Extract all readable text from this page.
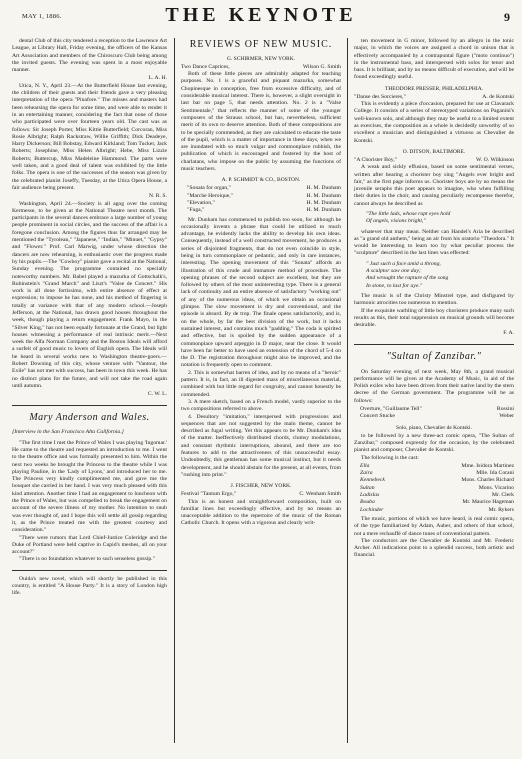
MAY 1, 1886.	THE KEYNOTE	9

dental Club of this city tendered a reception to the Lawrence Art League, at Library Hall, Friday evening, the officers of the Kansas Art Association and members of the Chiroscuro Club being among the invited guests. The evening was spent in a most enjoyable manner.

L. A. H.

Utica, N. Y., April 23.—At the Butterfield House last evening, the children of their guests and their friends gave a very pleasing interpretation of the opera "Pinafore." The misses and masters had been rehearsing the opera for some time, and were able to render it in an entertaining manner, considering the fact that none of those who participated were over fourteen years old. The cast was as follows: Sir Joseph Porter, Miss Kittie Butterfield; Corcoran, Miss Rosie Albright; Ralph Rackstraw, Willie Griffith; Dick Deadeye, Harry Dickerson; Bill Bobstay, Edward Kirkland; Tom Tucker, Jack Roberts; Josephine, Miss Helen Albright; Hebe, Miss Lizzie Roberts; Buttercup, Miss Madeleine Hammond. The parts were well taken, and a good deal of talent was exhibited by the little folks. The opera is one of the successes of the season was given by the celebrated pianist Joseffy, Tuesday, at the Utica Opera House, a fair audience being present.

N. R. S.

Washington, April 24.—Society is all agog over the coming Kermesse, to be given at the National Theatre next month. The participants in the several dances embrace a large number of young people prominent in social circles, and the success of the affair is a foregone conclusion. Among the figures thus far arranged may be mentioned the "Tyrolean," "Japanese," "Indian," "Minuet," "Gypsy" and "Flower." Prof. Carl Marwig, under whose direction the dancers are now rehearsing, is enthusiastic over the progress made by his pupils.—The "Cowboy" pianist gave a recital at the National, Sunday evening. The programme contained no specially noteworthy numbers. Mr. Babel played a mazurka of Gottschalk's, Rubinstein's "Grand March" and Liszt's "Valse de Concert." His work is all done fortissimo, with entire absence of effect at expression; to impose he has none, and his method of fingering is totally at variance with that of any modern school.—Joseph Jefferson, at the National, has drawn good houses throughout the week, though playing a return engagement. Frank Mayo, in the "Silver King," has not been equally fortunate at the Grand, but light houses witnessing a performance of real intrinsic merit.—Next week the Alfa Norman Company and the Boston Ideals will afford a surfeit of good music to lovers of English opera. The Ideals will be heard in several works new to Washington theatre-goers.—Robert Downing of this city, whose venture with "Vantour, the Exile" has not met with success, has been in town this week. He has no distinct plans for the future, and will not take the road again until autumn.

C. W. L.
Mary Anderson and Wales.

[Interview in the San Francisco Alta California.]

"The first time I met the Prince of Wales I was playing 'Ingomar.' He came to the theatre and requested an introduction to me. I went to the theatre office and was formally presented to him. Within the next two weeks he brought the Princess to the theatre while I was playing Pauline, in the 'Lady of Lyons,' and introduced her to me. The Princess very kindly complimented me, and gave me the bouquet she carried in her hand. I was very much pleased with this kind attention. Another time I had an engagement to luncheon with the Prince of Wales, but was compelled to break the engagement on account of the severe illness of my mother. No intention to snub was ever thought of, and I hope this will settle all gossip regarding it, as the Prince treated me with the greatest courtesy and consideration."

"There were rumors that Lord Chief-Justice Coleridge and the Duke of Portland were held captive in Cupid's meshes, all on your account?"

"There is no foundation whatever to such senseless gossip."

Ouida's new novel, which will shortly be published in this country, is entitled "A House Party." It is a story of London high life.

REVIEWS OF NEW MUSIC.
G. SCHIRMER, NEW YORK.
Two Dance Caprices,	Wilson G. Smith

Both of these little pieces are admirably adapted for teaching purposes. No. 1 is a graceful and piquant mazurka, somewhat Chopinesque in conception, free from excessive difficulty, and of considerable musical interest. There is, however, a slight oversight in last bar on page 5, that needs attention. No. 2 is a "Valse Sentimentale," that reflects the manner of some of the younger composers of the Strauss school, but has, nevertheless, sufficient merit of its own to deserve attention. Both of these compositions are to be specially commended, as they are calculated to educate the taste of the pupil, which is a matter of importance in these days, when we are inundated with so much vulgar and commonplace rubbish, the publication of which is encouraged and fostered by the host of charlatans, who impose on the public by assuming the functions of music teachers.

A. P. SCHMIDT & CO., BOSTON.
"Sonata for organ,"	H. M. Dunham
"Marche Heroique,"	H. M. Dunham
"Elevation,"	H. M. Dunham
"Fuga,"	H. M. Dunham

Mr. Dunham has commenced to publish too soon, for although he occasionally invents a phrase that could be utilized to much advantage, he evidently lacks the ability to develop his own ideas. Consequently, instead of a well constructed movement, he produces a series of disjointed fragments, that do not even coincide in style, being in turn commonplace or pedantic, and only in rare instances, interesting. The opening movement of this "Sonata" affords an illustration of this crude and immature method of procedure. The opening phrases of the second subject are excellent, but they are followed by others of the most uninteresting type. There is a general lack of continuity and an entire absence of satisfactory "working out" of any of the numerous ideas, of which we obtain an occasional glimpse. The slow movement is dry and conventional, and the episode is absurd. By de trop. The finale opens satisfactorily, and is, on the whole, by far the best division of the work, but it lacks sustained interest, and contains much "padding." The coda is spirited and effective, but is spoiled by the sudden appearance of a commonplace upward arpeggio in D major, near the close. It would have been far better to have used an extension of the chord of 5-4 on the D. The registration throughout might also be improved, and the notation is frequently open to comment.

2. This is somewhat barren of idea, and by no means of a "heroic" pattern. It is, in fact, an ill digested mass of miscellaneous material, combined with but little regard for congruity, and cannot honestly be commended.

3. A mere sketch, based on a French model, vastly superior to the two compositions referred to above.

4. Desultory "imitation," interspersed with progressions and sequences that are not suggested by the main theme, cannot be described as fugal writing. Yet this appears to be Mr. Dunham's idea of the matter. Ineffectively distributed chords, clumsy modulations, and constant rhythmic interruptions, abound, and there are too features to add to the attractiveness of this unsuccessful essay. Undoubtedly, this gentleman has some musical instinct, but it needs development, and he should abstain for the present, at all events, from "rushing into print."

J. FISCHER, NEW YORK.
Festival "Tantum Ergo,"	C. Wenham Smith

This is an honest and straightforward composition, built on familiar lines but exceedingly effective, and by no means an unacceptable addition to the repertoire of the music of the Roman Catholic Church. It opens with a vigorous and clearly writ-

ten movement in G minor, followed by an allegro in the tonic major, in which the voices are assigned a chord in unison that is effectively accompanied by a contrapuntal figure ("moto continuo") in the instrumental bass, and interspersed with solos for tenor and bass. It is brilliant, and by no means difficult of execution, and will be found exceedingly useful.

THEODORE PRESSER, PHILADELPHIA.
"Danse des Sorcieres,"	A. de Kontski

This is evidently a pièce d'occasion, prepared for use at Clavarack College. It consists of a series of stereotyped variations on Paganini's well-known solo, and although they may be useful to a limited extent as exercises, the composition as a whole is decidedly unworthy of so excellent a musician and distinguished a virtuoso as Chevalier de Kontski.

O. DITSON, BALTIMORE.
"A Chorister Boy,"	W. O. Wilkinson

A weak and sickly effusion, based on some sentimental verses, written after hearing a chorister boy sing "Angels ever bright and fair," as the first page informs us. Chorister boys are by no means the juvenile seraphs this poet appears to imagine, who when fulfilling their duties in the choir, and causing peculiarly recompense therefor, cannot always be described as

"The little lads, whose rapt eyes hold
Of angels, visions bright,"

whatever that may mean. Neither can Handel's Aria be described as "a grand old anthem," being an air from his oratorio "Theodora." It would be interesting to learn too by what peculiar process the "sculpture" described in the last lines was effected:

" Just such a face amid a throng,
A sculptor saw one day;
And wrought the rapture of the song
In stone, to last for aye."

The music is of the Christy Minstrel type, and disfigured by harmonic atrocities too numerous to mention.

If the exquisite warbling of little boy choristers produce many such results as this, their total suppression on musical grounds will become desirable.

F. A.
"Sultan of Zanzibar."

On Saturday evening of next week, May 8th, a grand musical performance will be given at the Academy of Music, in aid of the Polish exiles who have been driven from their native land by the stern decree of the German government. The programme will be as follows:

Overture, "Guillaume Tell"	Rossini
Concert Stucke	Weber
Solo, piano, Chevalier de Kontski.

to be followed by a new three-act comic opera, "The Sultan of Zanzibar," composed expressly for the occasion, by the celebrated pianist and composer, Chevalier de Kontski.

The following is the cast:

Ella	Mme. Isidora Martinez
Zaira	Mlle. Ida Corani
Kennebeck	Mons. Charles Richard
Sultan	Mons. Vicarino
Ladislas	Mr. Clerk
Bouba	Mr. Maurice Hageman
Lochinder	Mr. Rykers

The music, portions of which we have heard, is real comic opera, of the type familiarized by Adam, Auber, and others of that school, not a mere rechauffé of dance tunes of conventional pattern.

The conductors are the Chevalier de Kontski and Mr. Frederic Archer. All indications point to a splendid success, both artistic and financial.
